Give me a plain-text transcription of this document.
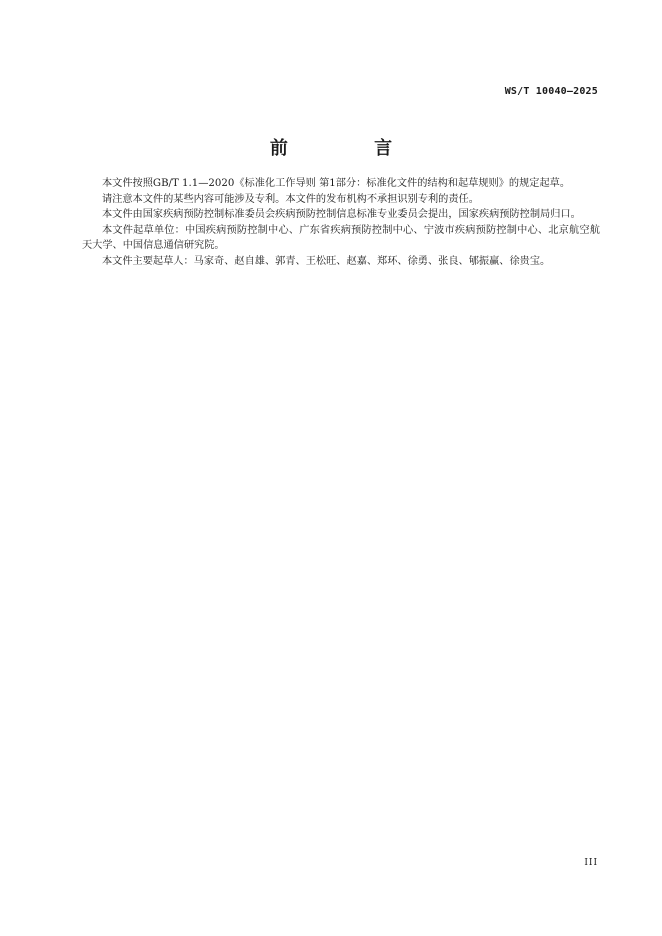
WS/T 10040—2025
前 言

本文件按照GB/T 1.1—2020《标准化工作导则 第1部分：标准化文件的结构和起草规则》的规定起草。

请注意本文件的某些内容可能涉及专利。本文件的发布机构不承担识别专利的责任。

本文件由国家疾病预防控制标准委员会疾病预防控制信息标准专业委员会提出，国家疾病预防控制局归口。

本文件起草单位：中国疾病预防控制中心、广东省疾病预防控制中心、宁波市疾病预防控制中心、北京航空航天大学、中国信息通信研究院。

本文件主要起草人：马家奇、赵自雄、郭青、王松旺、赵嘉、郑环、徐勇、张良、郇振赢、徐贵宝。

III
